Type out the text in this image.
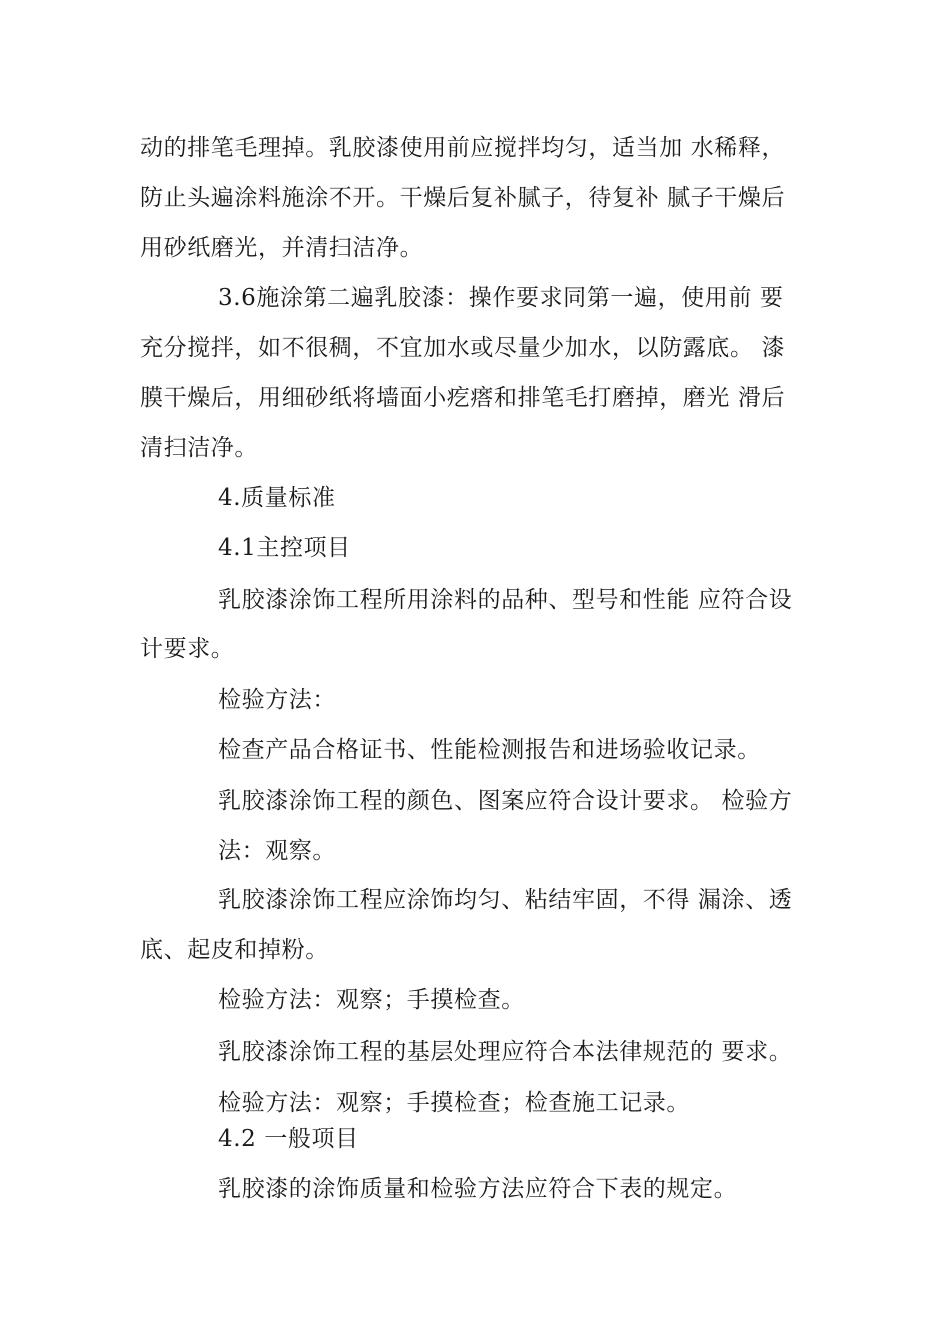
动的排笔毛理掉。乳胶漆使用前应搅拌均匀，适当加 水稀释，
防止头遍涂料施涂不开。干燥后复补腻子，待复补 腻子干燥后
用砂纸磨光，并清扫洁净。
3.6施涂第二遍乳胶漆：操作要求同第一遍，使用前 要
充分搅拌，如不很稠，不宜加水或尽量少加水，以防露底。 漆
膜干燥后，用细砂纸将墙面小疙瘩和排笔毛打磨掉，磨光 滑后
清扫洁净。
4.质量标准
4.1主控项目
乳胶漆涂饰工程所用涂料的品种、型号和性能 应符合设
计要求。
检验方法：
检查产品合格证书、性能检测报告和进场验收记录。
乳胶漆涂饰工程的颜色、图案应符合设计要求。 检验方
法：观察。
乳胶漆涂饰工程应涂饰均匀、粘结牢固，不得 漏涂、透
底、起皮和掉粉。
检验方法：观察；手摸检查。
乳胶漆涂饰工程的基层处理应符合本法律规范的 要求。
检验方法：观察；手摸检查；检查施工记录。
4.2 一般项目
乳胶漆的涂饰质量和检验方法应符合下表的规定。
